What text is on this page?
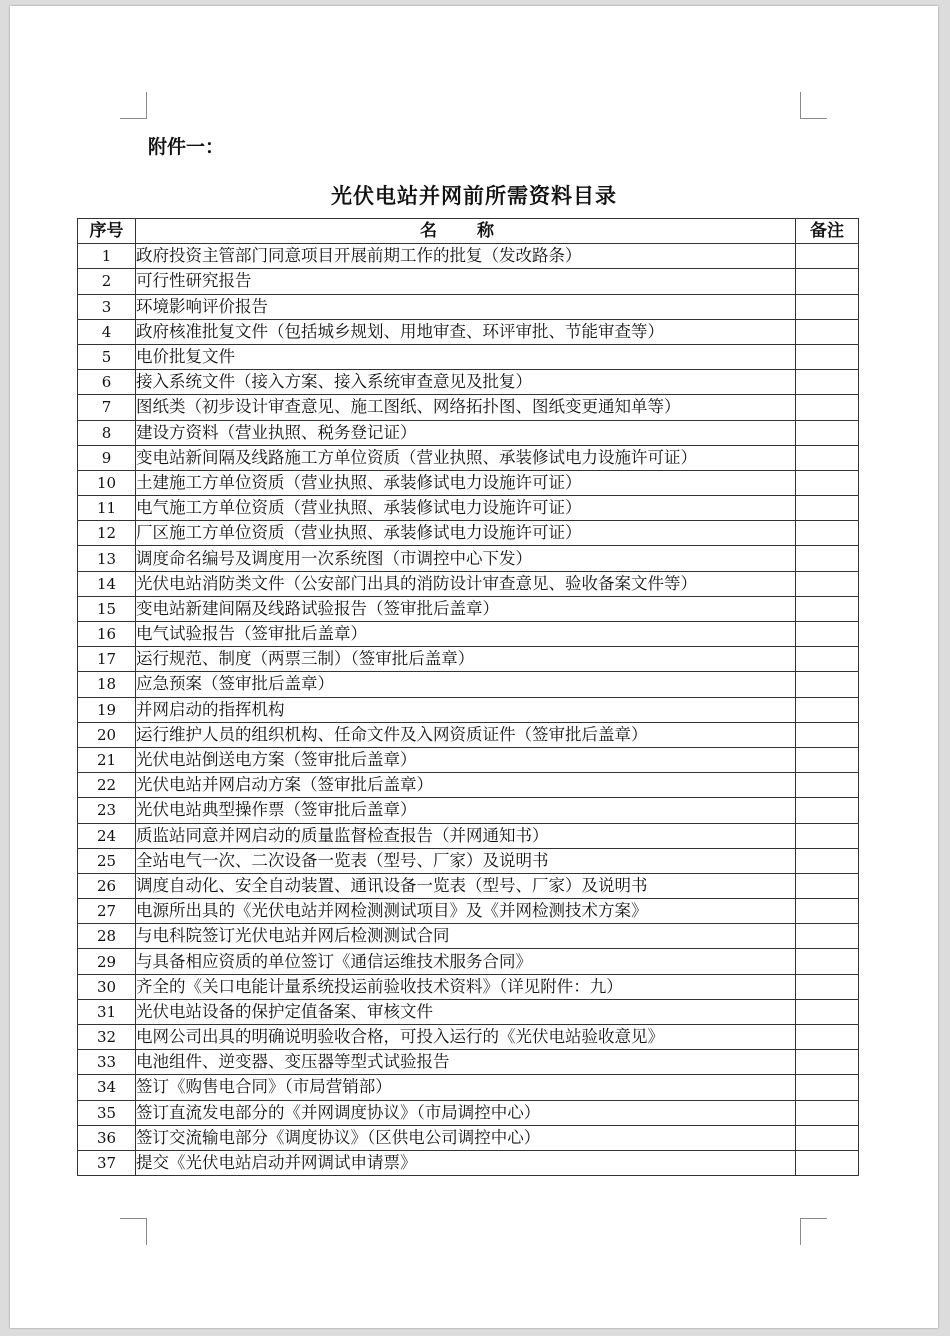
附件一：
光伏电站并网前所需资料目录
序号	名 称	备注
1	政府投资主管部门同意项目开展前期工作的批复（发改路条）	
2	可行性研究报告	
3	环境影响评价报告	
4	政府核准批复文件（包括城乡规划、用地审查、环评审批、节能审查等）	
5	电价批复文件	
6	接入系统文件（接入方案、接入系统审查意见及批复）	
7	图纸类（初步设计审查意见、施工图纸、网络拓扑图、图纸变更通知单等）	
8	建设方资料（营业执照、税务登记证）	
9	变电站新间隔及线路施工方单位资质（营业执照、承装修试电力设施许可证）	
10	土建施工方单位资质（营业执照、承装修试电力设施许可证）	
11	电气施工方单位资质（营业执照、承装修试电力设施许可证）	
12	厂区施工方单位资质（营业执照、承装修试电力设施许可证）	
13	调度命名编号及调度用一次系统图（市调控中心下发）	
14	光伏电站消防类文件（公安部门出具的消防设计审查意见、验收备案文件等）	
15	变电站新建间隔及线路试验报告（签审批后盖章）	
16	电气试验报告（签审批后盖章）	
17	运行规范、制度（两票三制）（签审批后盖章）	
18	应急预案（签审批后盖章）	
19	并网启动的指挥机构	
20	运行维护人员的组织机构、任命文件及入网资质证件（签审批后盖章）	
21	光伏电站倒送电方案（签审批后盖章）	
22	光伏电站并网启动方案（签审批后盖章）	
23	光伏电站典型操作票（签审批后盖章）	
24	质监站同意并网启动的质量监督检查报告（并网通知书）	
25	全站电气一次、二次设备一览表（型号、厂家）及说明书	
26	调度自动化、安全自动装置、通讯设备一览表（型号、厂家）及说明书	
27	电源所出具的《光伏电站并网检测测试项目》及《并网检测技术方案》	
28	与电科院签订光伏电站并网后检测测试合同	
29	与具备相应资质的单位签订《通信运维技术服务合同》	
30	齐全的《关口电能计量系统投运前验收技术资料》（详见附件：九）	
31	光伏电站设备的保护定值备案、审核文件	
32	电网公司出具的明确说明验收合格，可投入运行的《光伏电站验收意见》	
33	电池组件、逆变器、变压器等型式试验报告	
34	签订《购售电合同》（市局营销部）	
35	签订直流发电部分的《并网调度协议》（市局调控中心）	
36	签订交流输电部分《调度协议》（区供电公司调控中心）	
37	提交《光伏电站启动并网调试申请票》	
